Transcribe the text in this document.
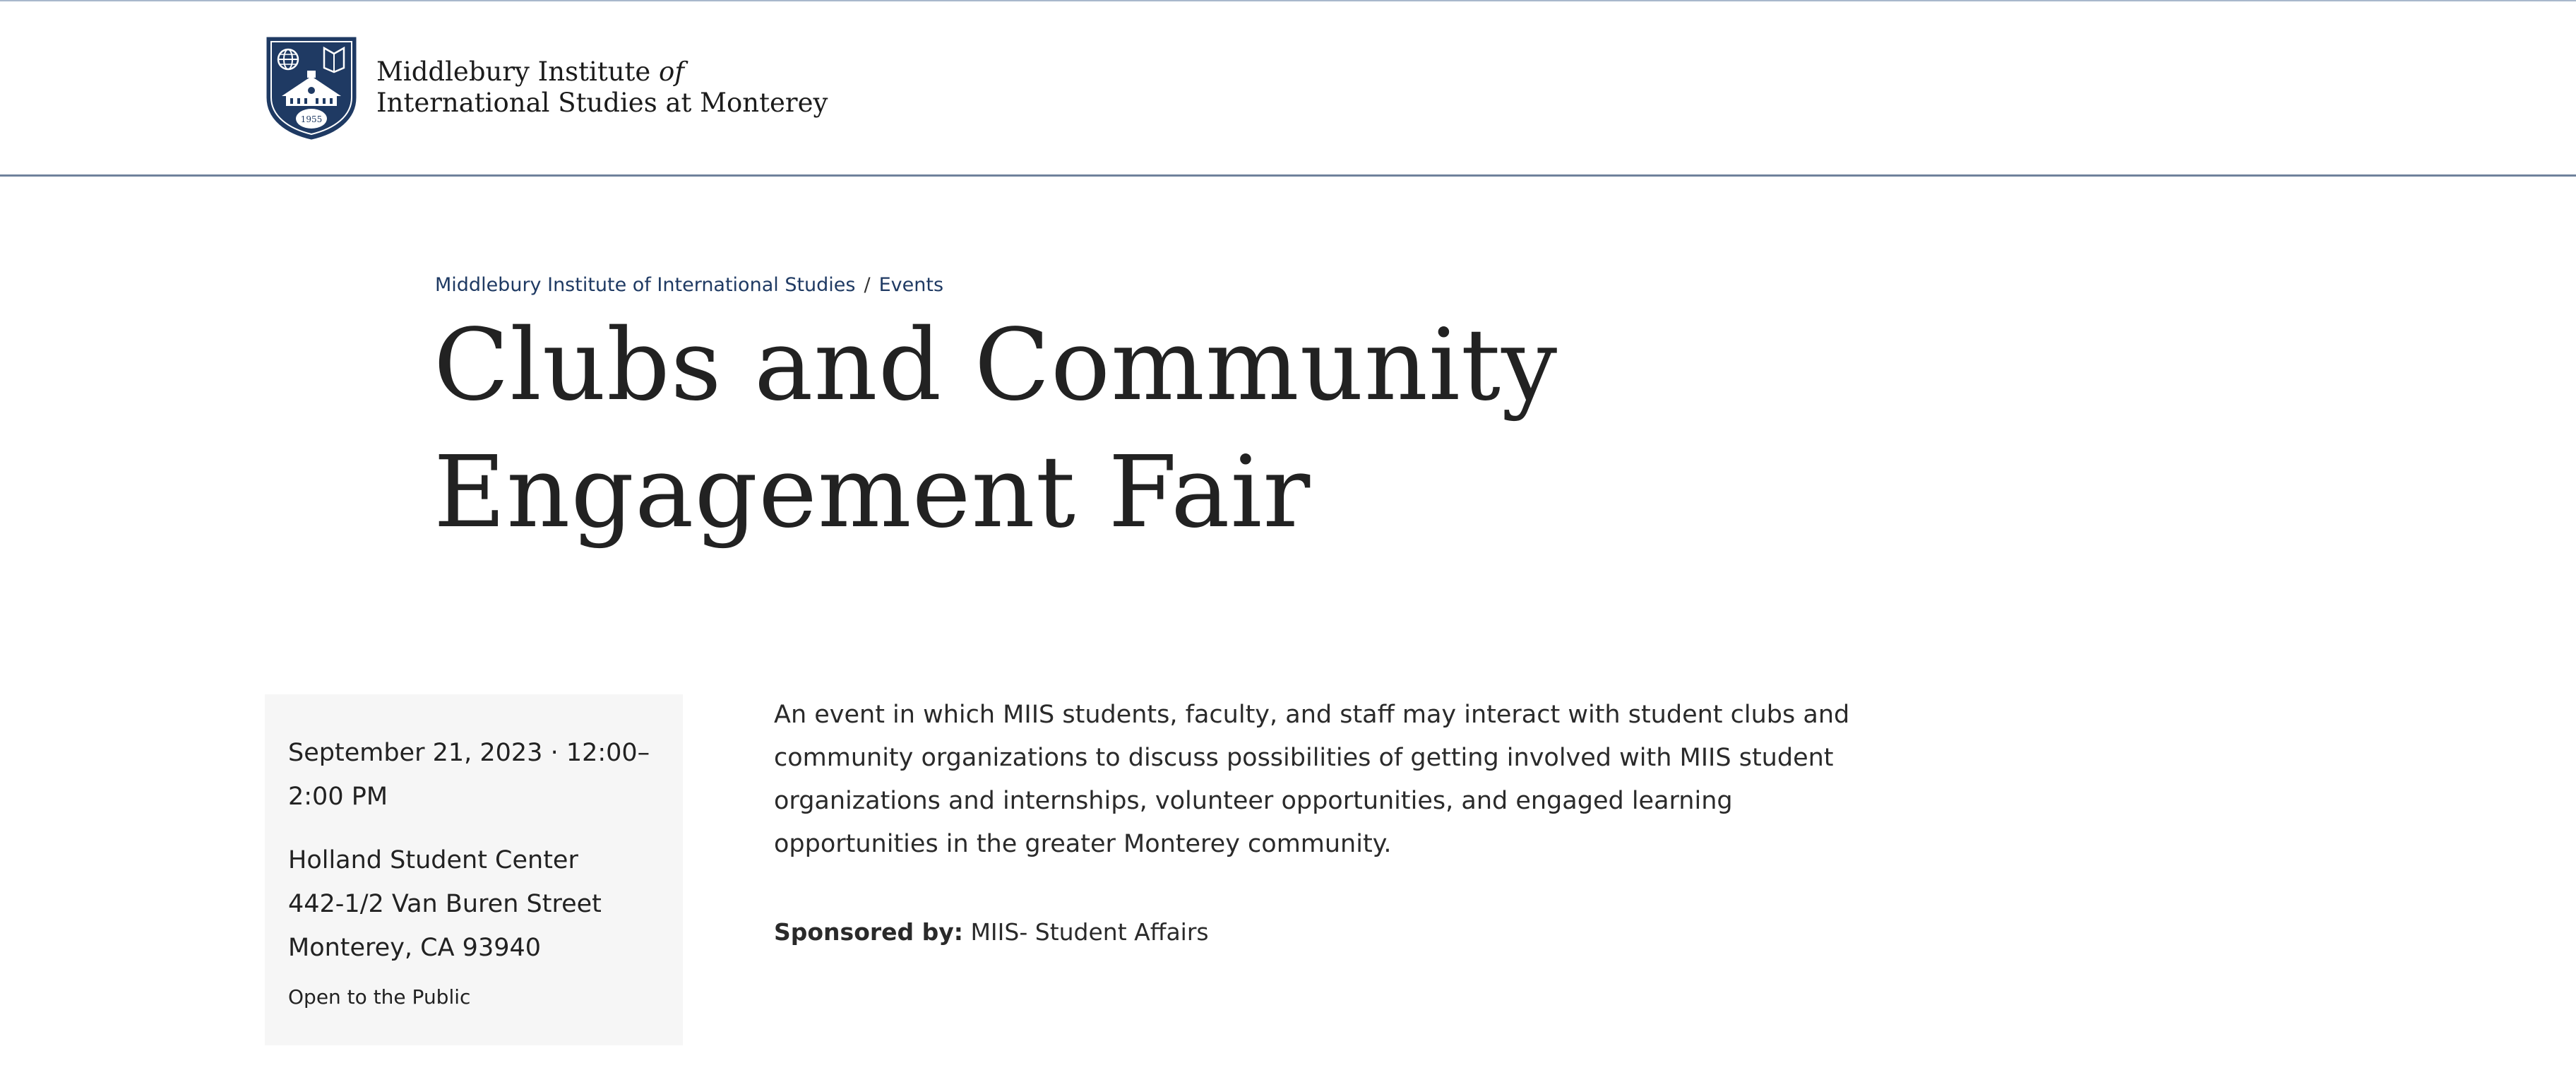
1955
Middlebury Institute of
International Studies at Monterey
Middlebury Institute of International Studies / Events
Clubs and Community Engagement Fair
September 21, 2023 · 12:00–
2:00 PM
Holland Student Center
442-1/2 Van Buren Street
Monterey, CA 93940
Open to the Public

An event in which MIIS students, faculty, and staff may interact with student clubs and community organizations to discuss possibilities of getting involved with MIIS student organizations and internships, volunteer opportunities, and engaged learning opportunities in the greater Monterey community.

Sponsored by: MIIS- Student Affairs
